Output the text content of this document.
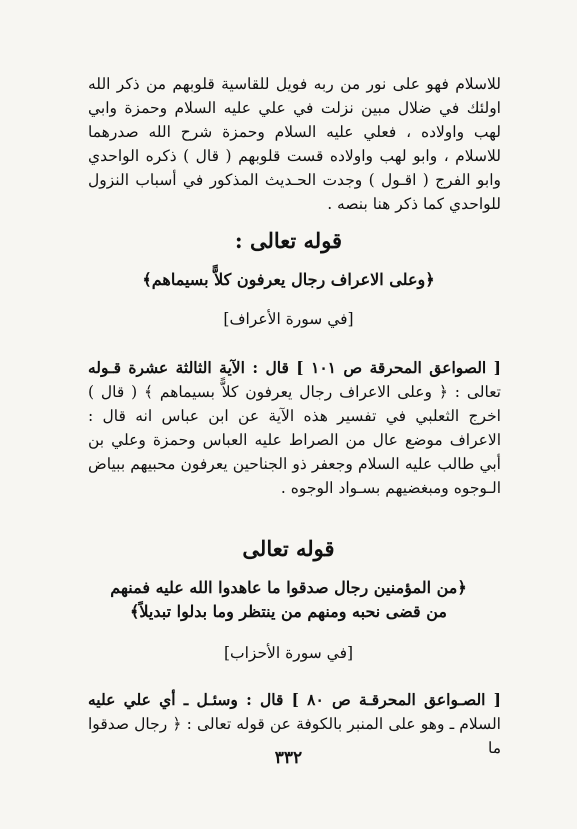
للاسلام فهو على نور من ربه فويل للقاسية قلوبهم من ذكر الله اولئك في ضلال مبين نزلت في علي عليه السلام وحمزة وابي لهب واولاده ، فعلي عليه السلام وحمزة شرح الله صدرهما للاسلام ، وابو لهب واولاده قست قلوبهم ( قال ) ذكره الواحدي وابو الفرج ( اقـول ) وجدت الحـديث المذكور في أسباب النزول للواحدي كما ذكر هنا بنصه .

قوله تعالى :

﴿وعلى الاعراف رجال يعرفون كلاًّ بسيماهم﴾

[في سورة الأعراف]

[ الصواعق المحرقة ص ١٠١ ] قال : الآية الثالثة عشرة قـوله تعالى : ﴿ وعلى الاعراف رجال يعرفون كلاًّ بسيماهم ﴾ ( قال ) اخرج الثعلبي في تفسير هذه الآية عن ابن عباس انه قال : الاعراف موضع عال من الصراط عليه العباس وحمزة وعلي بن أبي طالب عليه السلام وجعفر ذو الجناحين يعرفون محبيهم ببياض الـوجوه ومبغضيهم بسـواد الوجوه .

قوله تعالى

﴿من المؤمنين رجال صدقوا ما عاهدوا الله عليه فمنهم

من قضى نحبه ومنهم من ينتظر وما بدلوا تبديلاً﴾

[في سورة الأحزاب]

[ الصـواعق المحرقـة ص ٨٠ ] قال : وسئـل ـ أي علي عليه السلام ـ وهو على المنبر بالكوفة عن قوله تعالى : ﴿ رجال صدقوا ما

٣٣٢
